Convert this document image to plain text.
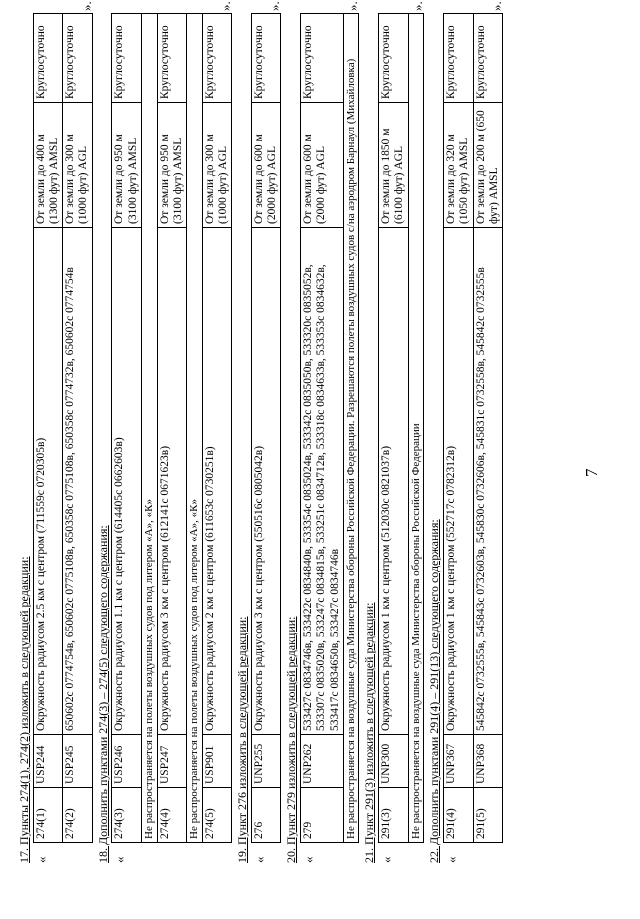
17. Пункты 274(1), 274(2) изложить в следующей редакции: «
274(1)	USP244	Окружность радиусом 2.5 км с центром (711559с 0720305в)	От земли до 400 м (1300 фут) AMSL	Круглосуточно
274(2)	USP245	650602с 0774754в, 650602с 0775108в, 650358с 0775108в, 650358с 0774732в, 650602с 0774754в	От земли до 300 м (1000 фут) AGL	Круглосуточно
».
18. Дополнить пунктами 274(3) – 274(5) следующего содержания: «
274(3)	USP246	Окружность радиусом 1.1 км с центром (614405с 0662603в)	От земли до 950 м (3100 фут) AMSL	Круглосуточно
Не распространяется на полеты воздушных судов под литером «А», «К»				
274(4)	USP247	Окружность радиусом 3 км с центром (612141с 0671623в)	От земли до 950 м (3100 фут) AMSL	Круглосуточно
Не распространяется на полеты воздушных судов под литером «А», «К»				
274(5)	USP901	Окружность радиусом 2 км с центром (611653с 0730251в)	От земли до 300 м (1000 фут) AGL	Круглосуточно
».
19. Пункт 276 изложить в следующей редакции: «
276	UNP255	Окружность радиусом 3 км с центром (550516с 0805042в)	От земли до 600 м (2000 фут) AGL	Круглосуточно
».
20. Пункт 279 изложить в следующей редакции: «
279	UNP262	533427с 0834746в, 533422с 0834840в, 533354с 0835024в, 533342с 0835050в, 533320с 0835052в, 533307с 0835020в, 533247с 0834815в, 533251с 0834712в, 533318с 0834633в, 533353с 0834632в, 533417с 0834650в, 533427с 0834746в	От земли до 600 м (2000 фут) AGL	Круглосуточно
Не распространяется на воздушные суда Министерства обороны Российской Федерации. Разрешаются полеты воздушных судов с/на аэродром Барнаул (Михайловка)
».
21. Пункт 291(3) изложить в следующей редакции: «
291(3)	UNP300	Окружность радиусом 1 км с центром (512030с 0821037в)	От земли до 1850 м (6100 фут) AGL	Круглосуточно
Не распространяется на воздушные суда Министерства обороны Российской Федерации
».
22. Дополнить пунктами 291(4) – 291(13) следующего содержания: «
291(4)	UNP367	Окружность радиусом 1 км с центром (552717с 0782312в)	От земли до 320 м (1050 фут) AMSL	Круглосуточно
291(5)	UNP368	545842с 0732555в, 545843с 0732603в, 545830с 0732606в, 545831с 0732558в, 545842с 0732555в	От земли до 200 м (650 фут) AMSL	Круглосуточно
».
7
